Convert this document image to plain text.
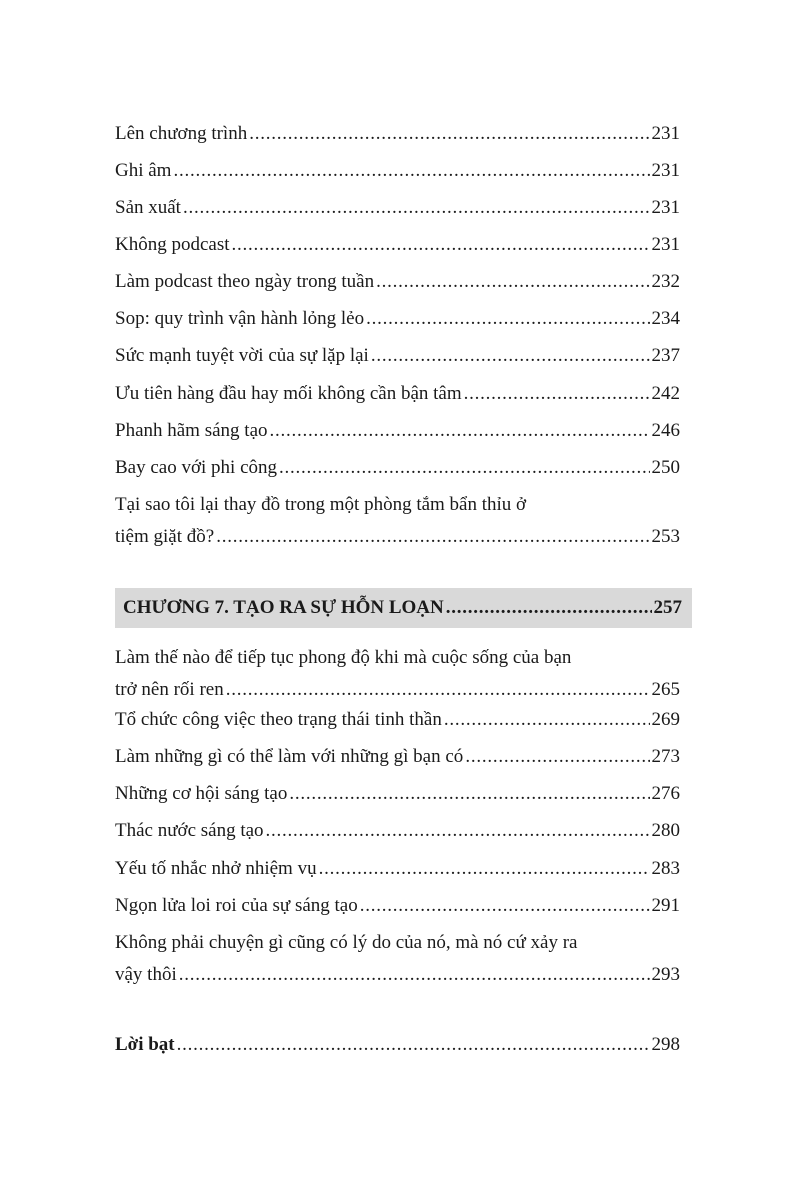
Lên chương trình . . .	231
Ghi âm . . .	231
Sản xuất . . .	231
Không podcast . . .	231
Làm podcast theo ngày trong tuần . . .	232
Sop: quy trình vận hành lỏng lẻo . . .	234
Sức mạnh tuyệt vời của sự lặp lại . . .	237
Ưu tiên hàng đầu hay mối không cần bận tâm . . .	242
Phanh hãm sáng tạo . . .	246
Bay cao với phi công . . .	250
Tại sao tôi lại thay đồ trong một phòng tắm bẩn thỉu ở
tiệm giặt đồ? . . .	253
CHƯƠNG 7. TẠO RA SỰ HỖN LOẠN . . .	257
Làm thế nào để tiếp tục phong độ khi mà cuộc sống của bạn
trở nên rối ren . . .	265
Tổ chức công việc theo trạng thái tinh thần . . .	269
Làm những gì có thể làm với những gì bạn có . . .	273
Những cơ hội sáng tạo . . .	276
Thác nước sáng tạo . . .	280
Yếu tố nhắc nhở nhiệm vụ . . .	283
Ngọn lửa loi roi của sự sáng tạo . . .	291
Không phải chuyện gì cũng có lý do của nó, mà nó cứ xảy ra
vậy thôi . . .	293
Lời bạt . . .	298
